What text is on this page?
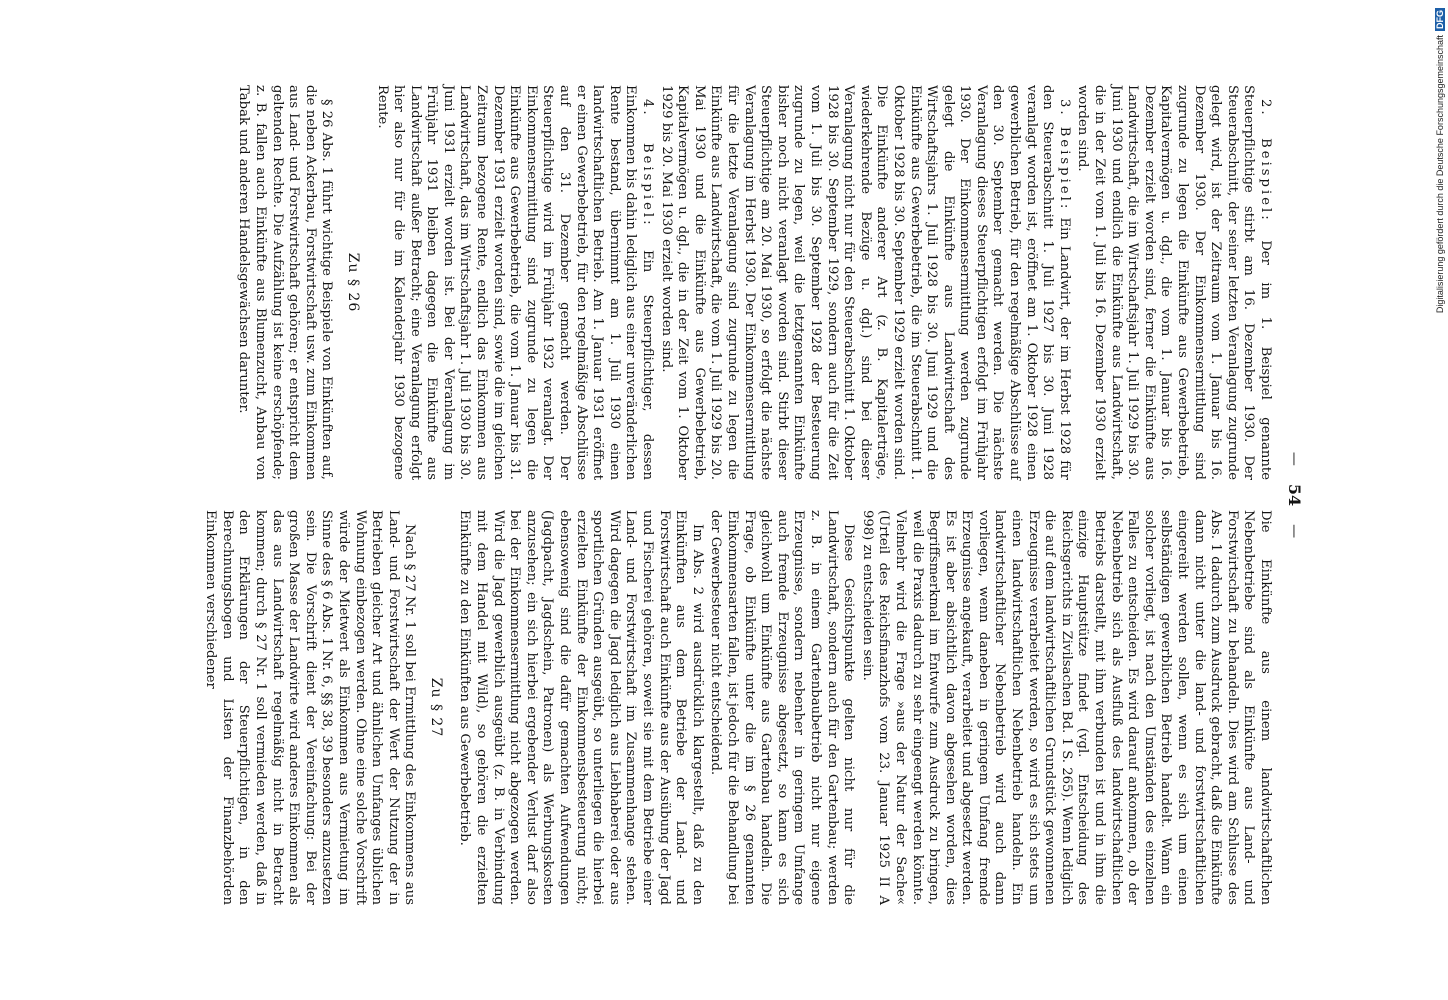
—
54
—

2. Beispiel: Der im 1. Beispiel genannte Steuerpflichtige stirbt am 16. Dezember 1930. Der Steuerabschnitt, der seiner letzten Veranlagung zugrunde gelegt wird, ist der Zeitraum vom 1. Januar bis 16. Dezember 1930. Der Einkommensermittlung sind zugrunde zu legen die Einkünfte aus Gewerbebetrieb, Kapitalvermögen u. dgl., die vom 1. Januar bis 16. Dezember erzielt worden sind, ferner die Einkünfte aus Landwirtschaft, die im Wirtschaftsjahr 1. Juli 1929 bis 30. Juni 1930 und endlich die Einkünfte aus Landwirtschaft, die in der Zeit vom 1. Juli bis 16. Dezember 1930 erzielt worden sind.

3. Beispiel: Ein Landwirt, der im Herbst 1928 für den Steuerabschnitt 1. Juli 1927 bis 30. Juni 1928 veranlagt worden ist, eröffnet am 1. Oktober 1928 einen gewerblichen Betrieb, für den regelmäßige Abschlüsse auf den 30. September gemacht werden. Die nächste Veranlagung dieses Steuerpflichtigen erfolgt im Frühjahr 1930. Der Einkommensermittlung werden zugrunde gelegt die Einkünfte aus Landwirtschaft des Wirtschaftsjahrs 1. Juli 1928 bis 30. Juni 1929 und die Einkünfte aus Gewerbebetrieb, die im Steuerabschnitt 1. Oktober 1928 bis 30. September 1929 erzielt worden sind. Die Einkünfte anderer Art (z. B. Kapitalerträge, wiederkehrende Bezüge u. dgl.) sind bei dieser Veranlagung nicht nur für den Steuerabschnitt 1. Oktober 1928 bis 30. September 1929, sondern auch für die Zeit vom 1. Juli bis 30. September 1928 der Besteuerung zugrunde zu legen, weil die letztgenannten Einkünfte bisher noch nicht veranlagt worden sind. Stirbt dieser Steuerpflichtige am 20. Mai 1930, so erfolgt die nächste Veranlagung im Herbst 1930. Der Einkommensermittlung für die letzte Veranlagung sind zugrunde zu legen die Einkünfte aus Landwirtschaft, die vom 1. Juli 1929 bis 20. Mai 1930 und die Einkünfte aus Gewerbebetrieb, Kapitalvermögen u. dgl., die in der Zeit vom 1. Oktober 1929 bis 20. Mai 1930 erzielt worden sind.

4. Beispiel: Ein Steuerpflichtiger, dessen Einkommen bis dahin lediglich aus einer unveränderlichen Rente bestand, übernimmt am 1. Juli 1930 einen landwirtschaftlichen Betrieb. Am 1. Januar 1931 eröffnet er einen Gewerbebetrieb, für den regelmäßige Abschlüsse auf den 31. Dezember gemacht werden. Der Steuerpflichtige wird im Frühjahr 1932 veranlagt. Der Einkommensermittlung sind zugrunde zu legen die Einkünfte aus Gewerbebetrieb, die vom 1. Januar bis 31. Dezember 1931 erzielt worden sind, sowie die im gleichen Zeitraum bezogene Rente, endlich das Einkommen aus Landwirtschaft, das im Wirtschaftsjahr 1. Juli 1930 bis 30. Juni 1931 erzielt worden ist. Bei der Veranlagung im Frühjahr 1931 bleiben dagegen die Einkünfte aus Landwirtschaft außer Betracht; eine Veranlagung erfolgt hier also nur für die im Kalenderjahr 1930 bezogene Rente.

Zu § 26

§ 26 Abs. 1 führt wichtige Beispiele von Einkünften auf, die neben Ackerbau, Forstwirtschaft usw. zum Einkommen aus Land- und Forstwirtschaft gehören; er entspricht dem geltenden Rechte. Die Aufzählung ist keine erschöpfende; z. B. fallen auch Einkünfte aus Blumenzucht, Anbau von Tabak und anderen Handelsgewächsen darunter.

Die Einkünfte aus einem landwirtschaftlichen Nebenbetriebe sind als Einkünfte aus Land- und Forstwirtschaft zu behandeln. Dies wird am Schlusse des Abs. 1 dadurch zum Ausdruck gebracht, daß die Einkünfte dann nicht unter die land- und forstwirtschaftlichen eingereiht werden sollen, wenn es sich um einen selbständigen gewerblichen Betrieb handelt. Wann ein solcher vorliegt, ist nach den Umständen des einzelnen Falles zu entscheiden. Es wird darauf ankommen, ob der Nebenbetrieb sich als Ausfluß des landwirtschaftlichen Betriebs darstellt, mit ihm verbunden ist und in ihm die einzige Hauptstütze findet (vgl. Entscheidung des Reichsgerichts in Zivilsachen Bd. 1 S. 265). Wenn lediglich die auf dem landwirtschaftlichen Grundstück gewonnenen Erzeugnisse verarbeitet werden, so wird es sich stets um einen landwirtschaftlichen Nebenbetrieb handeln. Ein landwirtschaftlicher Nebenbetrieb wird auch dann vorliegen, wenn daneben in geringem Umfang fremde Erzeugnisse angekauft, verarbeitet und abgesetzt werden. Es ist aber absichtlich davon abgesehen worden, dies Begriffsmerkmal im Entwurfe zum Ausdruck zu bringen, weil die Praxis dadurch zu sehr eingeengt werden könnte. Vielmehr wird die Frage »aus der Natur der Sache« (Urteil des Reichsfinanzhofs vom 23. Januar 1925 II A 998) zu entscheiden sein.

Diese Gesichtspunkte gelten nicht nur für die Landwirtschaft, sondern auch für den Gartenbau; werden z. B. in einem Gartenbaubetrieb nicht nur eigene Erzeugnisse, sondern nebenher in geringem Umfange auch fremde Erzeugnisse abgesetzt, so kann es sich gleichwohl um Einkünfte aus Gartenbau handeln. Die Frage, ob Einkünfte unter die im § 26 genannten Einkommensarten fallen, ist jedoch für die Behandlung bei der Gewerbesteuer nicht entscheidend.

Im Abs. 2 wird ausdrücklich klargestellt, daß zu den Einkünften aus dem Betriebe der Land- und Forstwirtschaft auch Einkünfte aus der Ausübung der Jagd und Fischerei gehören, soweit sie mit dem Betriebe einer Land- und Forstwirtschaft im Zusammenhange stehen. Wird dagegen die Jagd lediglich aus Liebhaberei oder aus sportlichen Gründen ausgeübt, so unterliegen die hierbei erzielten Einkünfte der Einkommensbesteuerung nicht; ebensowenig sind die dafür gemachten Aufwendungen (Jagdpacht, Jagdschein, Patronen) als Werbungskosten anzusehen; ein sich hierbei ergebender Verlust darf also bei der Einkommensermittlung nicht abgezogen werden. Wird die Jagd gewerblich ausgeübt (z. B. in Verbindung mit dem Handel mit Wild), so gehören die erzielten Einkünfte zu den Einkünften aus Gewerbebetrieb.

Zu § 27

Nach § 27 Nr. 1 soll bei Ermittlung des Einkommens aus Land- und Forstwirtschaft der Wert der Nutzung der in Betrieben gleicher Art und ähnlichen Umfanges üblichen Wohnung einbezogen werden. Ohne eine solche Vorschrift würde der Mietwert als Einkommen aus Vermietung im Sinne des § 6 Abs. 1 Nr. 6, §§ 38, 39 besonders anzusetzen sein. Die Vorschrift dient der Vereinfachung: Bei der großen Masse der Landwirte wird anderes Einkommen als das aus Landwirtschaft regelmäßig nicht in Betracht kommen; durch § 27 Nr. 1 soll vermieden werden, daß in den Erklärungen der Steuerpflichtigen, in den Berechnungsbogen und Listen der Finanzbehörden Einkommen verschiedener

Digitalisierung gefördert durch die Deutsche ForschungsgemeinschaftDFG
